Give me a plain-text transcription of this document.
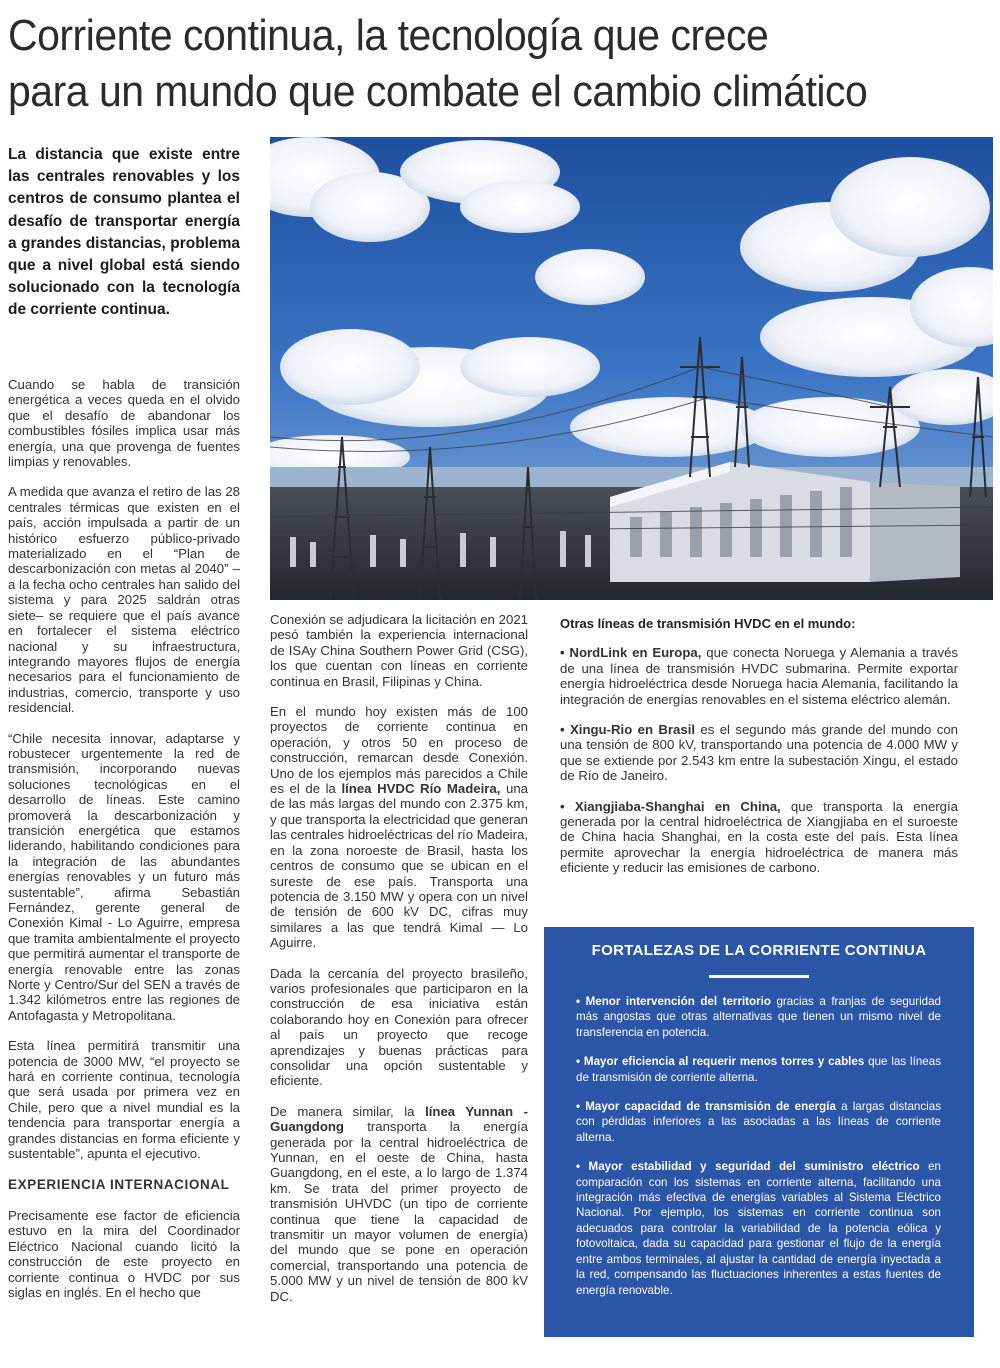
Corriente continua, la tecnología que crece
para un mundo que combate el cambio climático

La distancia que existe entre las centrales renovables y los centros de consumo plantea el desafío de transportar energía a grandes distancias, problema que a nivel global está siendo solucionado con la tecnología de corriente continua.

Cuando se habla de transición energética a veces queda en el olvido que el desafío de abandonar los combustibles fósiles implica usar más energía, una que provenga de fuentes limpias y renovables.

A medida que avanza el retiro de las 28 centrales térmicas que existen en el país, acción impulsada a partir de un histórico esfuerzo público-privado materializado en el “Plan de descarbonización con metas al 2040” –a la fecha ocho centrales han salido del sistema y para 2025 saldrán otras siete– se requiere que el país avance en fortalecer el sistema eléctrico nacional y su infraestructura, integrando mayores flujos de energía necesarios para el funcionamiento de industrias, comercio, transporte y uso residencial.

“Chile necesita innovar, adaptarse y robustecer urgentemente la red de transmisión, incorporando nuevas soluciones tecnológicas en el desarrollo de líneas. Este camino promoverá la descarbonización y transición energética que estamos liderando, habilitando condiciones para la integración de las abundantes energías renovables y un futuro más sustentable”, afirma Sebastián Fernández, gerente general de Conexión Kimal - Lo Aguirre, empresa que tramita ambientalmente el proyecto que permitirá aumentar el transporte de energía renovable entre las zonas Norte y Centro/Sur del SEN a través de 1.342 kilómetros entre las regiones de Antofagasta y Metropolitana.

Esta línea permitirá transmitir una potencia de 3000 MW, “el proyecto se hará en corriente continua, tecnología que será usada por primera vez en Chile, pero que a nivel mundial es la tendencia para transportar energía a grandes distancias en forma eficiente y sustentable”, apunta el ejecutivo.

EXPERIENCIA INTERNACIONAL

Precisamente ese factor de eficiencia estuvo en la mira del Coordinador Eléctrico Nacional cuando licitó la construcción de este proyecto en corriente continua o HVDC por sus siglas en inglés. En el hecho que

Conexión se adjudicara la licitación en 2021 pesó también la experiencia internacional de ISAy China Southern Power Grid (CSG), los que cuentan con líneas en corriente continua en Brasil, Filipinas y China.

En el mundo hoy existen más de 100 proyectos de corriente continua en operación, y otros 50 en proceso de construcción, remarcan desde Conexión. Uno de los ejemplos más parecidos a Chile es el de la línea HVDC Río Madeira, una de las más largas del mundo con 2.375 km, y que transporta la electricidad que generan las centrales hidroeléctricas del río Madeira, en la zona noroeste de Brasil, hasta los centros de consumo que se ubican en el sureste de ese país. Transporta una potencia de 3.150 MW y opera con un nivel de tensión de 600 kV DC, cifras muy similares a las que tendrá Kimal — Lo Aguirre.

Dada la cercanía del proyecto brasileño, varios profesionales que participaron en la construcción de esa iniciativa están colaborando hoy en Conexión para ofrecer al país un proyecto que recoge aprendizajes y buenas prácticas para consolidar una opción sustentable y eficiente.

De manera similar, la línea Yunnan -Guangdong transporta la energía generada por la central hidroeléctrica de Yunnan, en el oeste de China, hasta Guangdong, en el este, a lo largo de 1.374 km. Se trata del primer proyecto de transmisión UHVDC (un tipo de corriente continua que tiene la capacidad de transmitir un mayor volumen de energía) del mundo que se pone en operación comercial, transportando una potencia de 5.000 MW y un nivel de tensión de 800 kV DC.

Otras líneas de transmisión HVDC en el mundo:

• NordLink en Europa, que conecta Noruega y Alemania a través de una línea de transmisión HVDC submarina. Permite exportar energía hidroeléctrica desde Noruega hacia Alemania, facilitando la integración de energías renovables en el sistema eléctrico alemán.

• Xingu-Rio en Brasil es el segundo más grande del mundo con una tensión de 800 kV, transportando una potencia de 4.000 MW y que se extiende por 2.543 km entre la subestación Xingu, el estado de Río de Janeiro.

• Xiangjiaba-Shanghai en China, que transporta la energía generada por la central hidroeléctrica de Xiangjiaba en el suroeste de China hacia Shanghai, en la costa este del país. Esta línea permite aprovechar la energía hidroeléctrica de manera más eficiente y reducir las emisiones de carbono.

FORTALEZAS DE LA CORRIENTE CONTINUA

• Menor intervención del territorio gracias a franjas de seguridad más angostas que otras alternativas que tienen un mismo nivel de transferencia en potencia.

• Mayor eficiencia al requerir menos torres y cables que las líneas de transmisión de corriente alterna.

• Mayor capacidad de transmisión de energía a largas distancias con pérdidas inferiores a las asociadas a las líneas de corriente alterna.

• Mayor estabilidad y seguridad del suministro eléctrico en comparación con los sistemas en corriente alterna, facilitando una integración más efectiva de energías variables al Sistema Eléctrico Nacional. Por ejemplo, los sistemas en corriente continua son adecuados para controlar la variabilidad de la potencia eólica y fotovoltaica, dada su capacidad para gestionar el flujo de la energía entre ambos terminales, al ajustar la cantidad de energía inyectada a la red, compensando las fluctuaciones inherentes a estas fuentes de energía renovable.
